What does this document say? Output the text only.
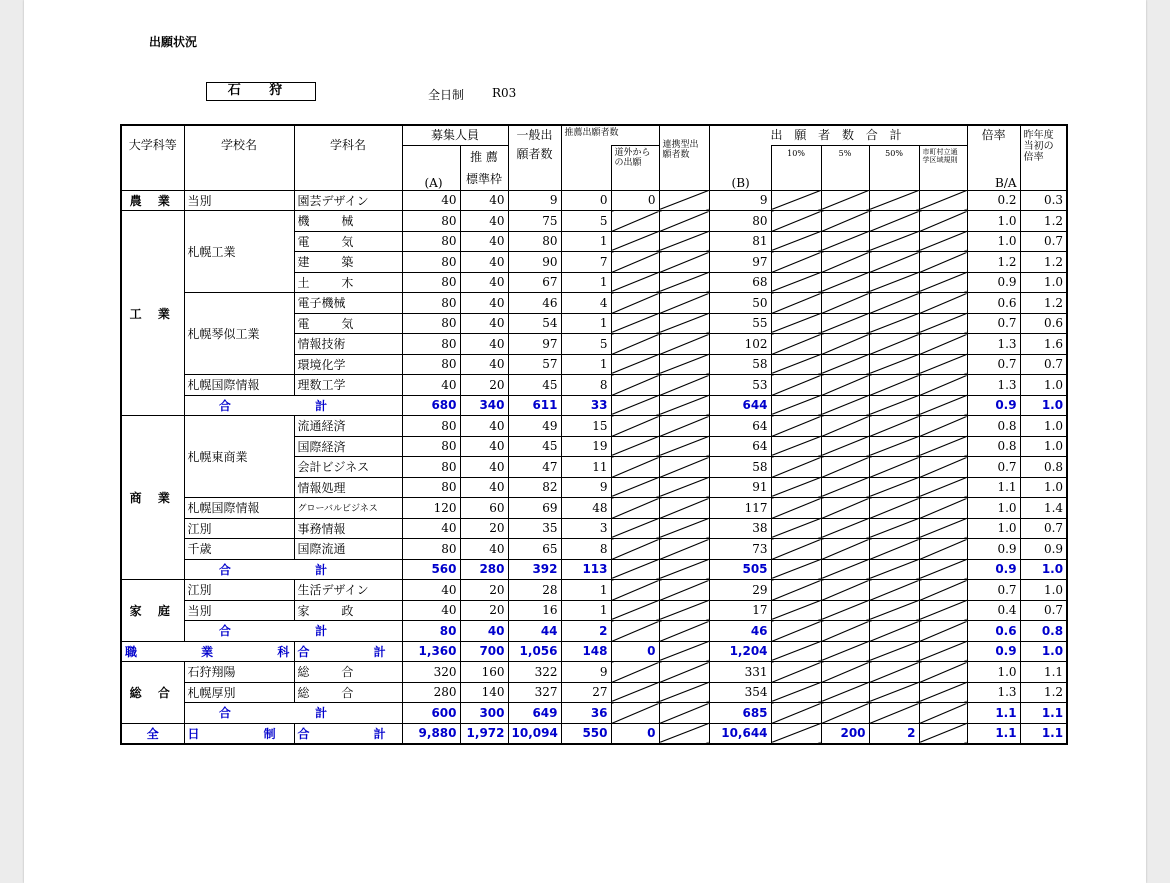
出願状況
石 狩	全日制 R03
大学科等	学校名	学科名	募集人員		一般出	推薦出願者数		連携型出願者数	出 願 者 数 合 計					倍率	昨年度当初の倍率
			(A)	推 薦
標準枠	願者数		道外からの出願		(B)	10%	5%	50%	市町村立通学区域規則	B/A	

農 業	当別	園芸デザイン	40	40	9	0	0		9					0.2	0.3
工 業	札幌工業	機 械	80	40	75	5			80					1.0	1.2
		電 気	80	40	80	1			81					1.0	0.7
		建 築	80	40	90	7			97					1.2	1.2
		土 木	80	40	67	1			68					0.9	1.0
	札幌琴似工業	電子機械	80	40	46	4			50					0.6	1.2
		電 気	80	40	54	1			55					0.7	0.6
		情報技術	80	40	97	5			102					1.3	1.6
		環境化学	80	40	57	1			58					0.7	0.7
	札幌国際情報	理数工学	40	20	45	8			53					1.3	1.0
	合 計		680	340	611	33			644					0.9	1.0
商 業	札幌東商業	流通経済	80	40	49	15			64					0.8	1.0
		国際経済	80	40	45	19			64					0.8	1.0
		会計ビジネス	80	40	47	11			58					0.7	0.8
		情報処理	80	40	82	9			91					1.1	1.0
	札幌国際情報	グローバルビジネス	120	60	69	48			117					1.0	1.4
	江別	事務情報	40	20	35	3			38					1.0	0.7
	千歳	国際流通	80	40	65	8			73					0.9	0.9
	合 計		560	280	392	113			505					0.9	1.0
家 庭	江別	生活デザイン	40	20	28	1			29					0.7	1.0
	当別	家 政	40	20	16	1			17					0.4	0.7
	合 計		80	40	44	2			46					0.6	0.8
職 業 科		合 計	1,360	700	1,056	148	0		1,204					0.9	1.0
総 合	石狩翔陽	総 合	320	160	322	9			331					1.0	1.1
	札幌厚別	総 合	280	140	327	27			354					1.3	1.2
	合 計		600	300	649	36			685					1.1	1.1
全	日 制	合 計	9,880	1,972	10,094	550	0		10,644		200	2		1.1	1.1
